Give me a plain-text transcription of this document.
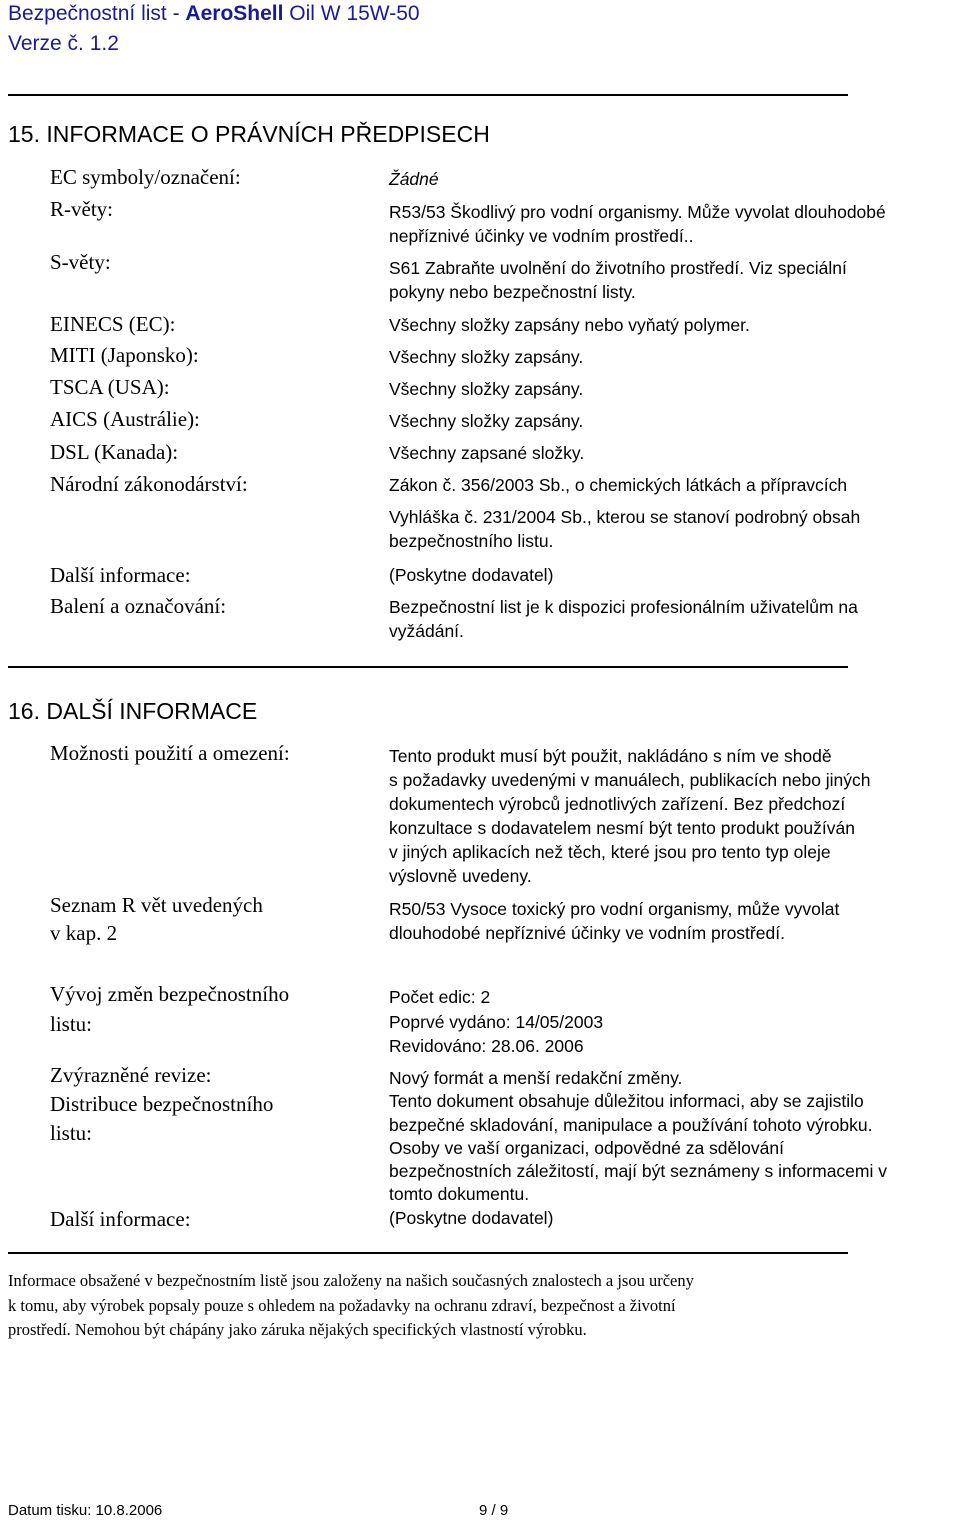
Bezpečnostní list - AeroShell Oil W 15W-50
Verze č. 1.2
15. INFORMACE O PRÁVNÍCH PŘEDPISECH
EC symboly/označení:
R-věty:
S-věty:
EINECS (EC):
MITI (Japonsko):
TSCA (USA):
AICS (Austrálie):
DSL (Kanada):
Národní zákonodárství:
Další informace:
Balení a označování:
Žádné
R53/53 Škodlivý pro vodní organismy. Může vyvolat dlouhodobé
nepříznivé účinky ve vodním prostředí..
S61 Zabraňte uvolnění do životního prostředí. Viz speciální
pokyny nebo bezpečnostní listy.
Všechny složky zapsány nebo vyňatý polymer.
Všechny složky zapsány.
Všechny složky zapsány.
Všechny složky zapsány.
Všechny zapsané složky.
Zákon č. 356/2003 Sb., o chemických látkách a přípravcích
Vyhláška č. 231/2004 Sb., kterou se stanoví podrobný obsah
bezpečnostního listu.
(Poskytne dodavatel)
Bezpečnostní list je k dispozici profesionálním uživatelům na
vyžádání.
16. DALŠÍ INFORMACE
Možnosti použití a omezení:
Seznam R vět uvedených
v kap. 2
Vývoj změn bezpečnostního
listu:
Zvýrazněné revize:
Distribuce bezpečnostního
listu:
Další informace:
Tento produkt musí být použit, nakládáno s ním ve shodě
s požadavky uvedenými v manuálech, publikacích nebo jiných
dokumentech výrobců jednotlivých zařízení. Bez předchozí
konzultace s dodavatelem nesmí být tento produkt používán
v jiných aplikacích než těch, které jsou pro tento typ oleje
výslovně uvedeny.
R50/53 Vysoce toxický pro vodní organismy, může vyvolat
dlouhodobé nepříznivé účinky ve vodním prostředí.
Počet edic: 2
Poprvé vydáno: 14/05/2003
Revidováno: 28.06. 2006
Nový formát a menší redakční změny.
Tento dokument obsahuje důležitou informaci, aby se zajistilo
bezpečné skladování, manipulace a používání tohoto výrobku.
Osoby ve vaší organizaci, odpovědné za sdělování
bezpečnostních záležitostí, mají být seznámeny s informacemi v
tomto dokumentu.
(Poskytne dodavatel)
Informace obsažené v bezpečnostním listě jsou založeny na našich současných znalostech a jsou určeny
k tomu, aby výrobek popsaly pouze s ohledem na požadavky na ochranu zdraví, bezpečnost a životní
prostředí. Nemohou být chápány jako záruka nějakých specifických vlastností výrobku.
Datum tisku: 10.8.2006	9 / 9
